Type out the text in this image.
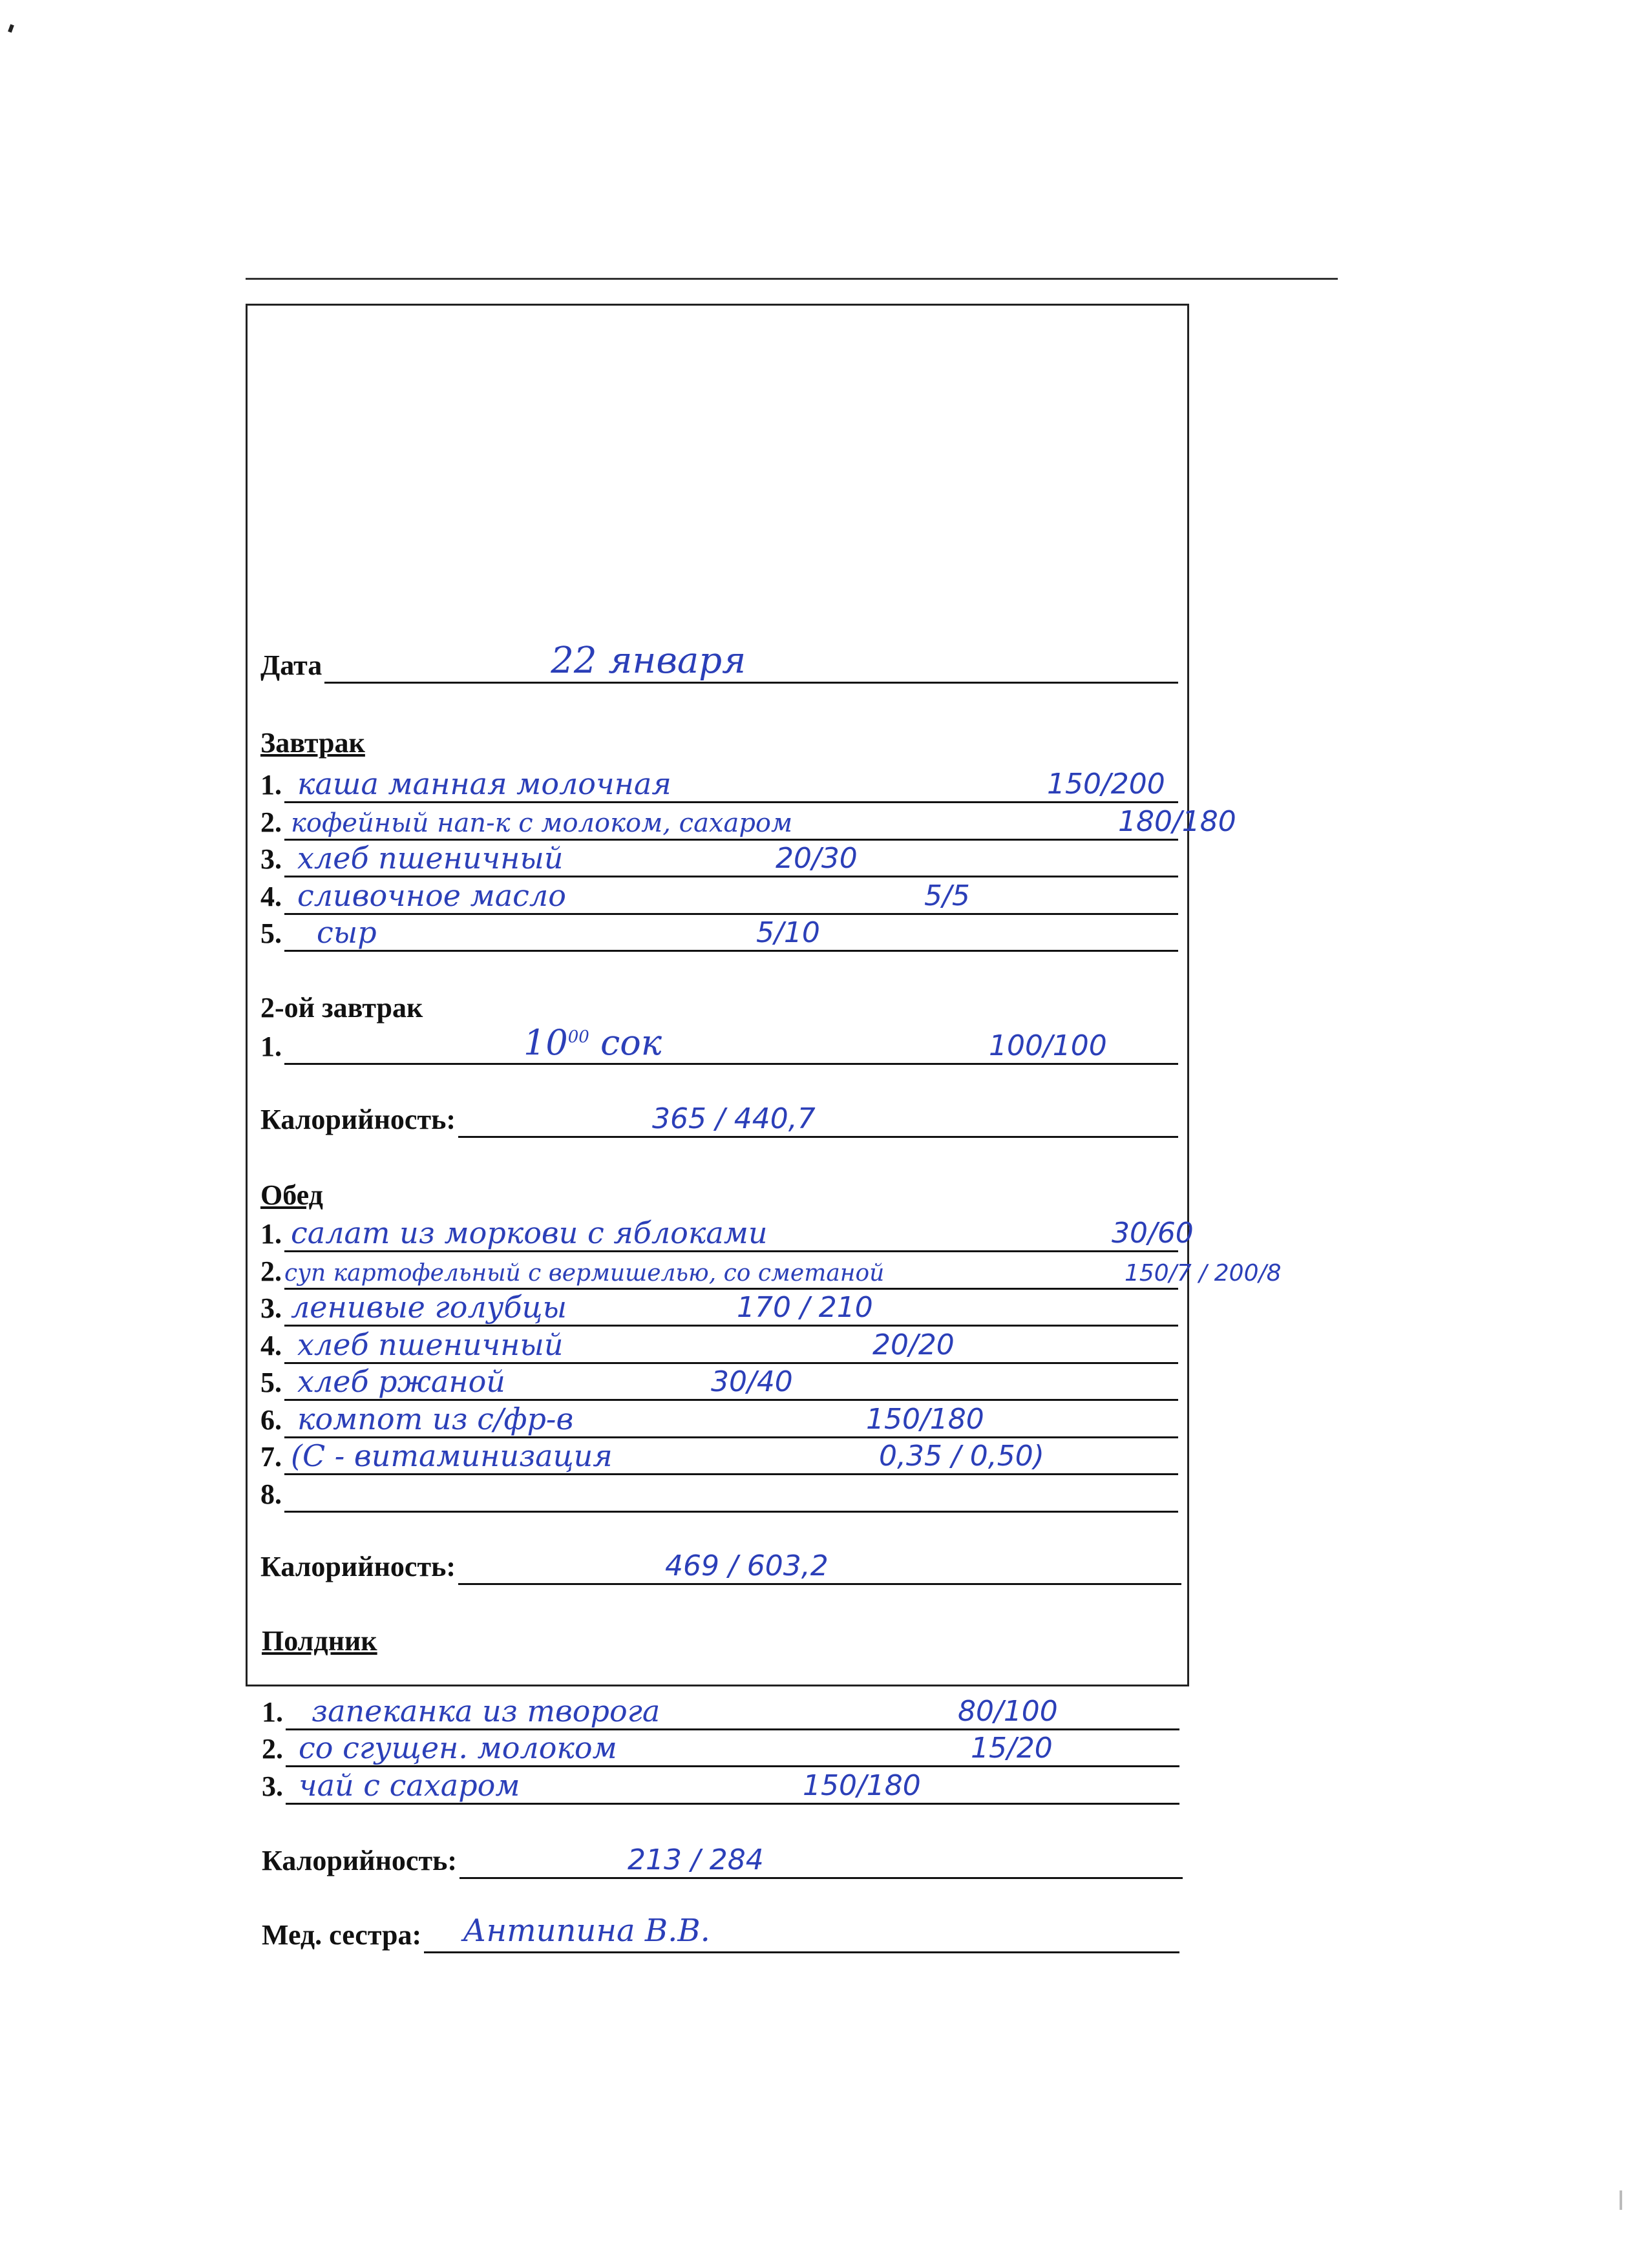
Дата	22 января
Завтрак
1. каша манная молочная	150/200
2. кофейный нап-к с молоком, сахаром	180/180
3. хлеб пшеничный	20/30
4. сливочное масло	5/5
5. сыр	5/10
2-ой завтрак
1.	$10^{00}$ сок	100/100
Калорийность:	365 / 440,7
Обед
1. салат из моркови с яблоками	30/60
2. суп картофельный с вермишелью, со сметаной	150/7 / 200/8
3. ленивые голубцы	170 / 210
4. хлеб пшеничный	20/20
5. хлеб ржаной	30/40
6. компот из с/фр-в	150/180
7. (С - витаминизация	0,35 / 0,50)
8.
Калорийность:	469 / 603,2
Полдник
1. запеканка из творога	80/100
2. со сгущен. молоком	15/20
3. чай с сахаром	150/180
Калорийность:	213 / 284
Мед. сестра: Антипина В.В.
